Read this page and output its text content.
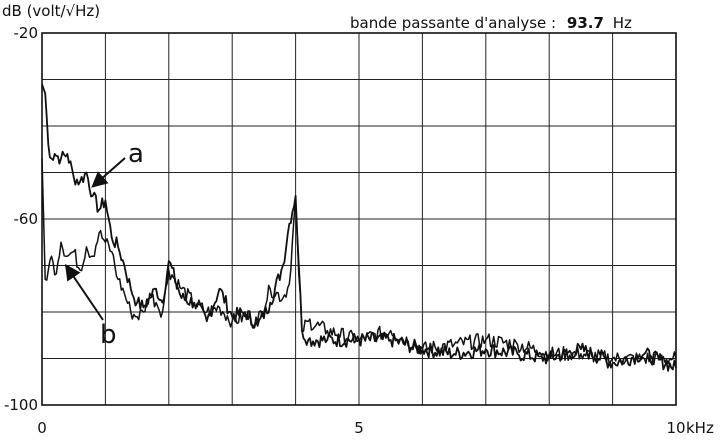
dB (volt/√Hz)
bande passante d'analyse : 93.7 Hz
-20
-60
-100
0	5	10 kHz
a
b
